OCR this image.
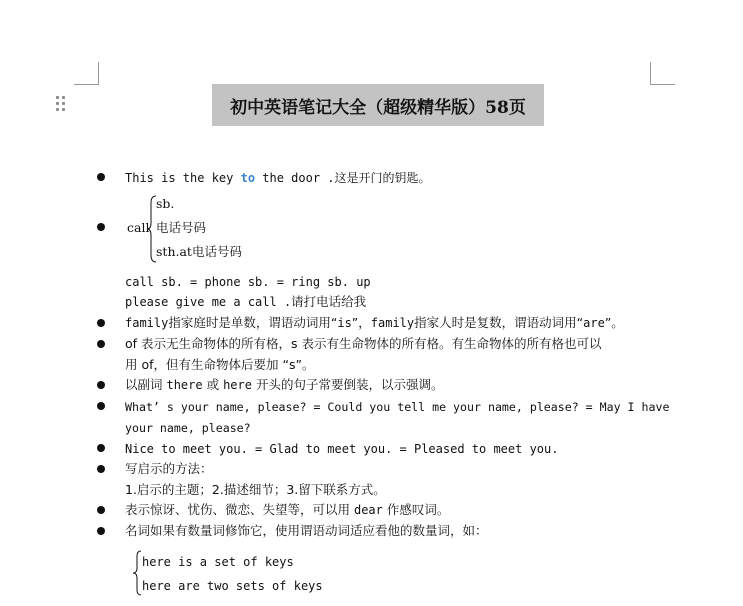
初中英语笔记大全（超级精华版）58页
This is the key to the door .这是开门的钥匙。
call
sb.
电话号码
sth.at电话号码
call sb. = phone sb. = ring sb. up
please give me a call .请打电话给我
family指家庭时是单数，谓语动词用“is”，family指家人时是复数，谓语动词用“are”。
of 表示无生命物体的所有格，s 表示有生命物体的所有格。有生命物体的所有格也可以
用 of，但有生命物体后要加 “s”。
以副词 there 或 here 开头的句子常要倒装，以示强调。
What’ s your name, please? = Could you tell me your name, please? = May I have
your name, please?
Nice to meet you. = Glad to meet you. = Pleased to meet you.
写启示的方法：
1.启示的主题；2.描述细节；3.留下联系方式。
表示惊讶、忧伤、微恋、失望等，可以用 dear 作感叹词。
名词如果有数量词修饰它，使用谓语动词适应看他的数量词，如：
here is a set of keys
here are two sets of keys
